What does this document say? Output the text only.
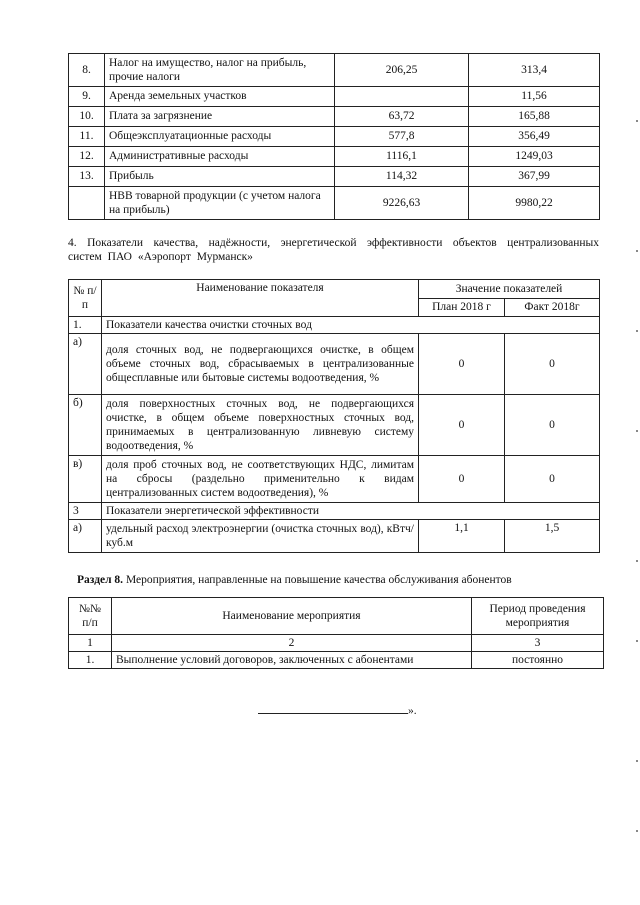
8.	Налог на имущество, налог на прибыль, прочие налоги	206,25	313,4
9.	Аренда земельных участков		11,56
10.	Плата за загрязнение	63,72	165,88
11.	Общеэксплуатационные расходы	577,8	356,49
12.	Административные расходы	1116,1	1249,03
13.	Прибыль	114,32	367,99
	НВВ товарной продукции (с учетом налога на прибыль)	9226,63	9980,22
4. Показатели качества, надёжности, энергетической эффективности объектов централизованных систем ПАО «Аэропорт Мурманск»
№ п/п	Наименование показателя	Значение показателей	
		План 2018 г	Факт 2018г
1.	Показатели качества очистки сточных вод		
а)	доля сточных вод, не подвергающихся очистке, в общем объеме сточных вод, сбрасываемых в централизованные общесплавные или бытовые системы водоотведения, %	0	0
б)	доля поверхностных сточных вод, не подвергающихся очистке, в общем объеме поверхностных сточных вод, принимаемых в централизованную ливневую систему водоотведения, %	0	0
в)	доля проб сточных вод, не соответствующих НДС, лимитам на сбросы (раздельно применительно к видам централизованных систем водоотведения), %	0	0
3	Показатели энергетической эффективности		
а)	удельный расход электроэнергии (очистка сточных вод), кВтч/куб.м	1,1	1,5
Раздел 8. Мероприятия, направленные на повышение качества обслуживания абонентов
№№ п/п	Наименование мероприятия	Период проведения мероприятия
1	2	3
1.	Выполнение условий договоров, заключенных с абонентами	постоянно
».
